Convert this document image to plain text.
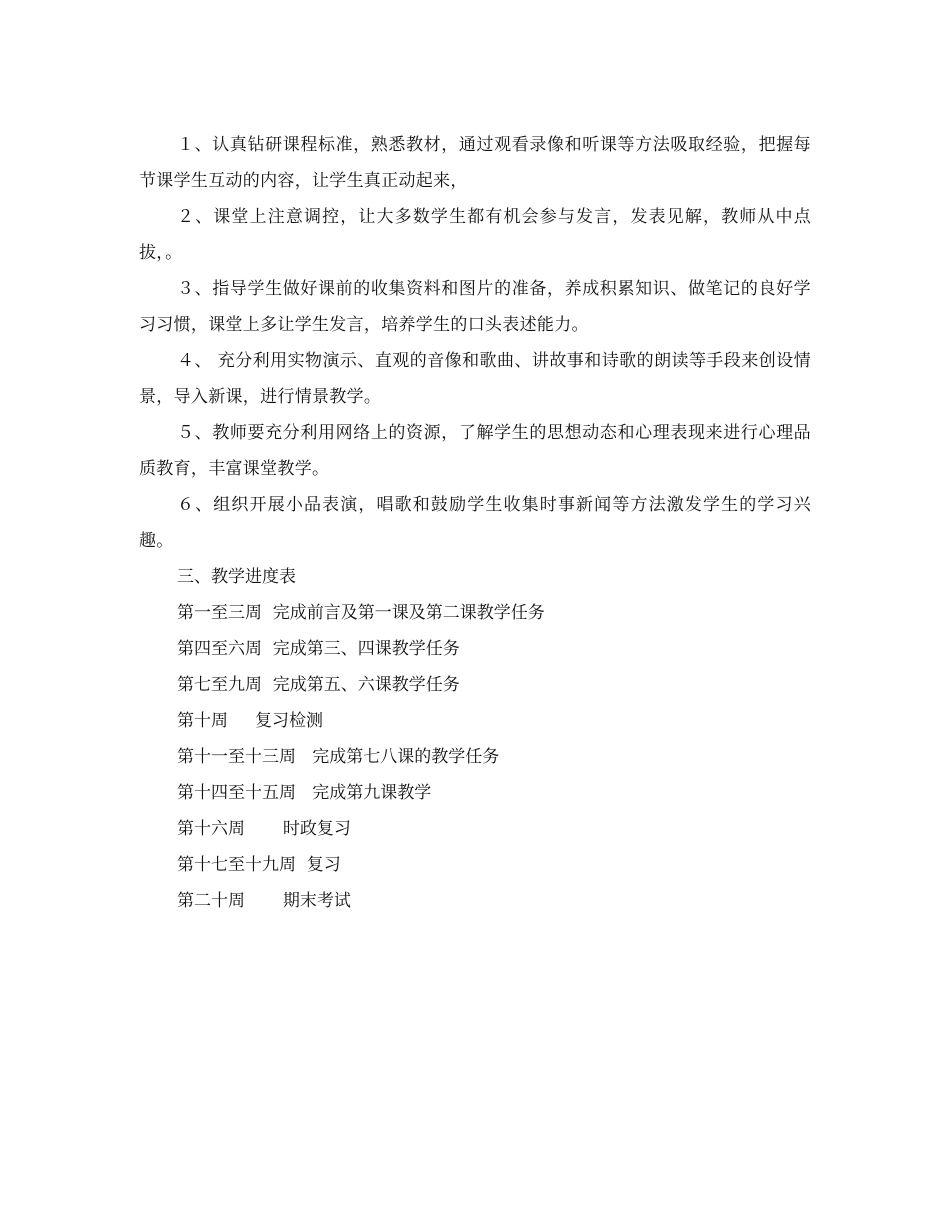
１、认真钻研课程标准，熟悉教材，通过观看录像和听课等方法吸取经验，把握每节课学生互动的内容，让学生真正动起来，

２、课堂上注意调控，让大多数学生都有机会参与发言，发表见解，教师从中点拔，。

３、指导学生做好课前的收集资料和图片的准备，养成积累知识、做笔记的良好学习习惯，课堂上多让学生发言，培养学生的口头表述能力。

４、 充分利用实物演示、直观的音像和歌曲、讲故事和诗歌的朗读等手段来创设情景，导入新课，进行情景教学。

５、教师要充分利用网络上的资源，了解学生的思想动态和心理表现来进行心理品质教育，丰富课堂教学。

６、组织开展小品表演，唱歌和鼓励学生收集时事新闻等方法激发学生的学习兴趣。

三、教学进度表

第一至三周  完成前言及第一课及第二课教学任务

第四至六周  完成第三、四课教学任务

第七至九周  完成第五、六课教学任务

第十周     复习检测

第十一至十三周   完成第七八课的教学任务

第十四至十五周   完成第九课教学

第十六周       时政复习

第十七至十九周  复习

第二十周       期末考试
